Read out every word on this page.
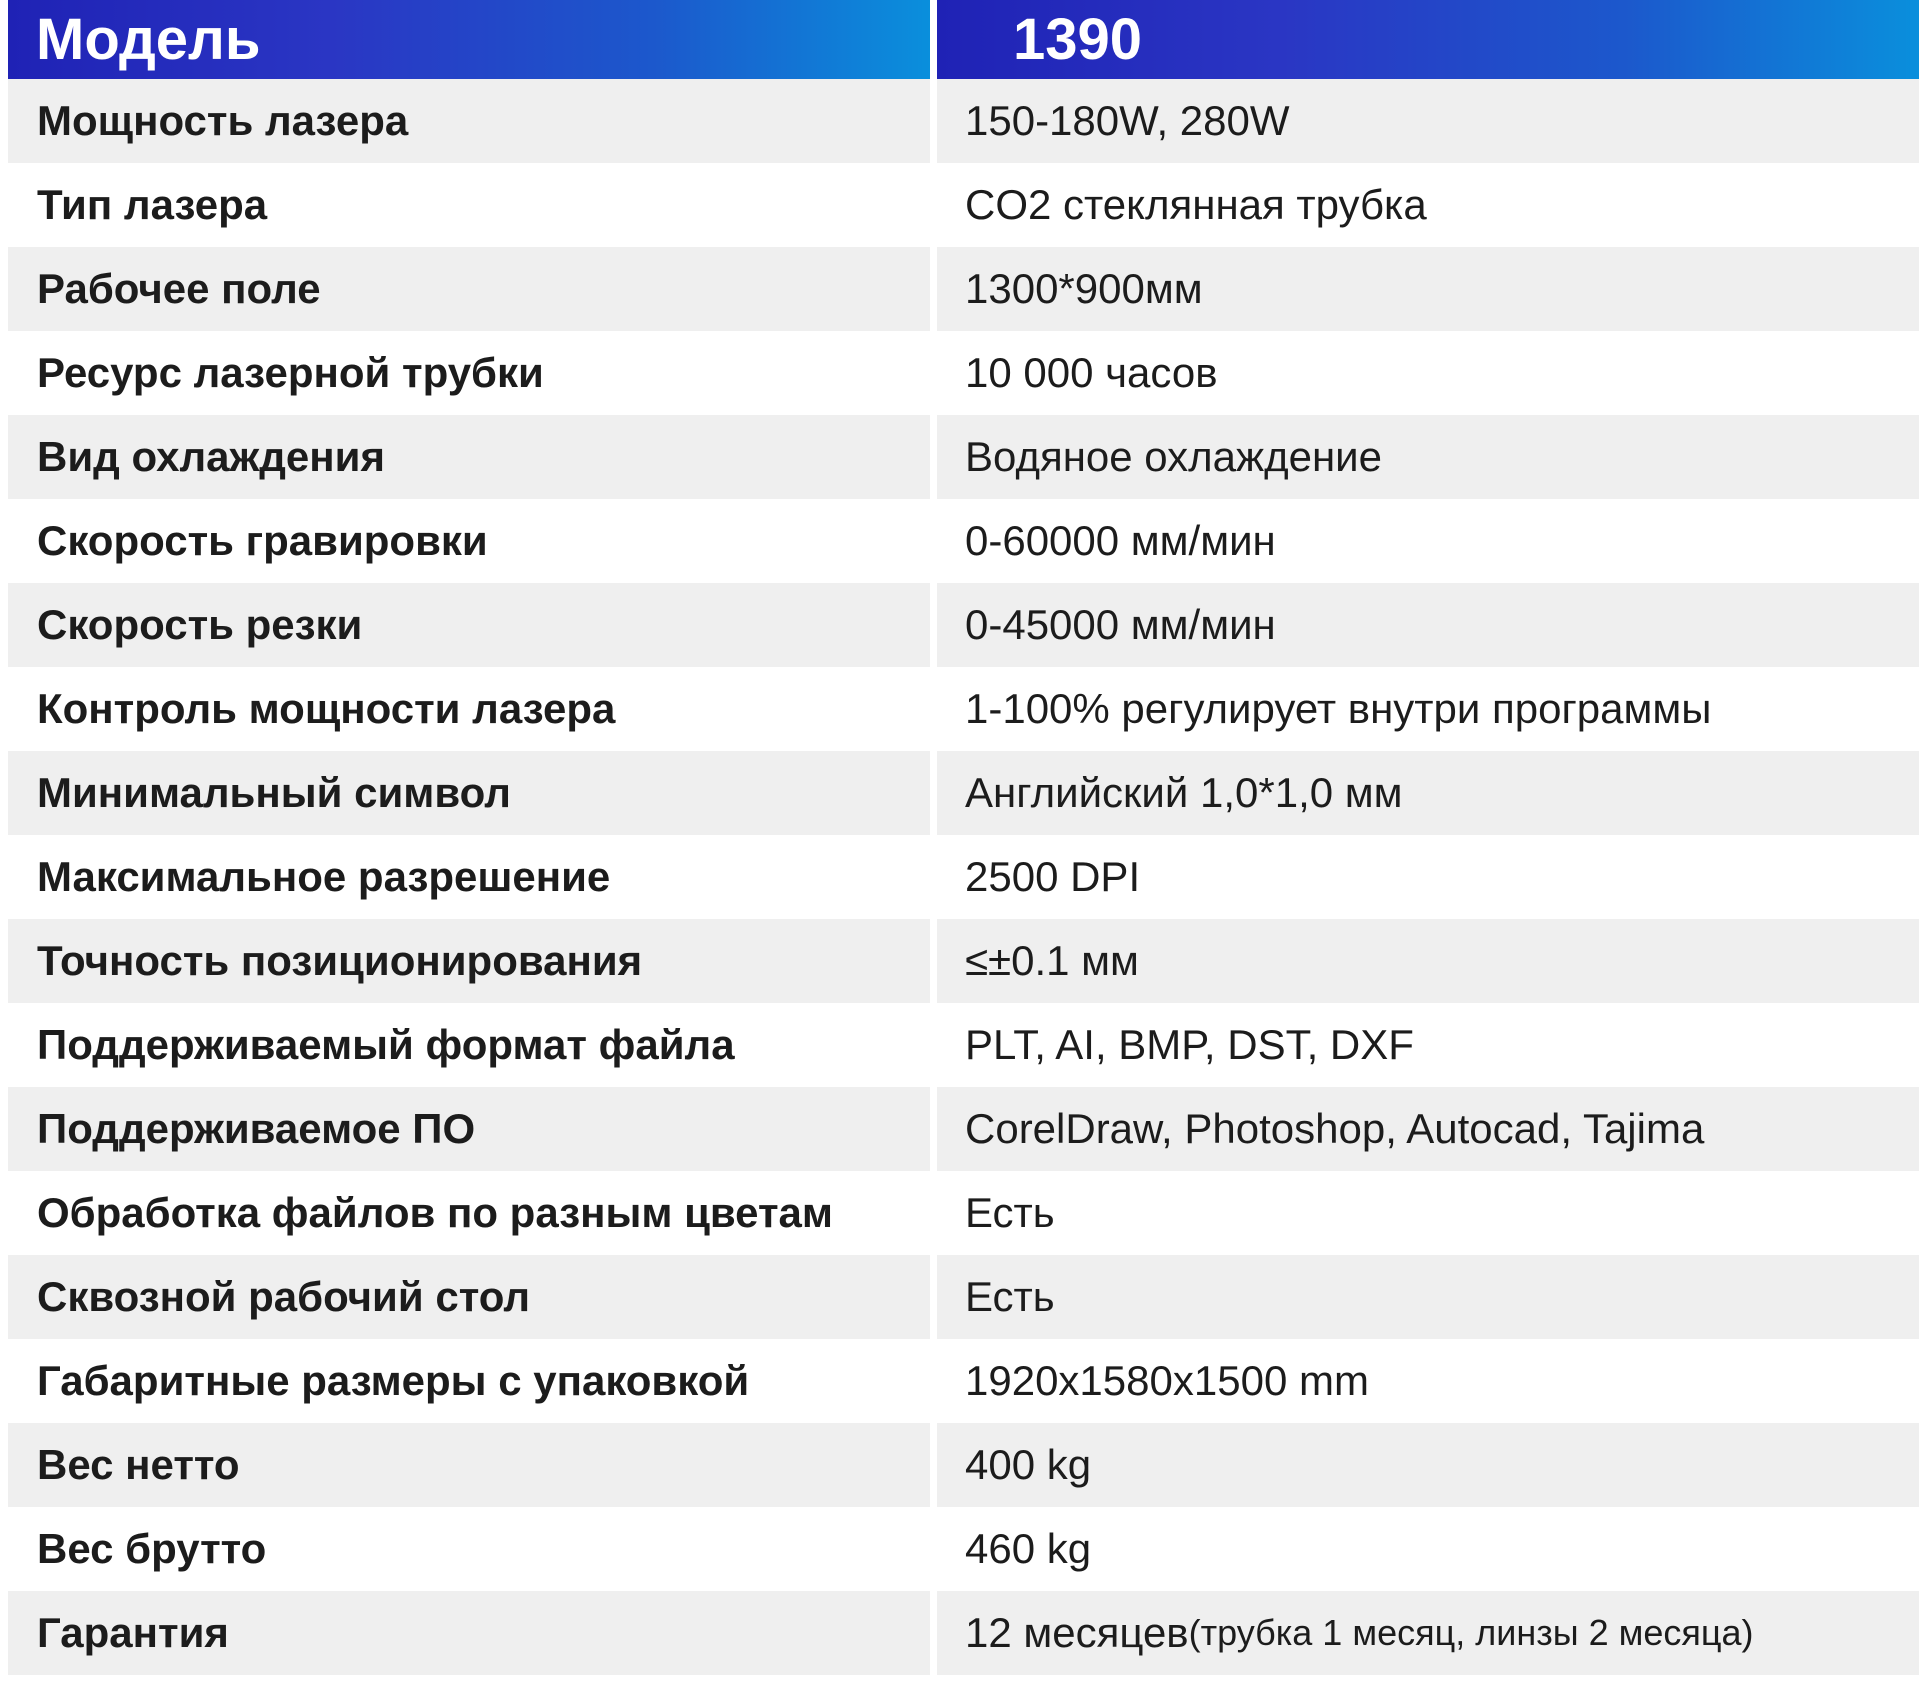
Модель	1390
Мощность лазера	150-180W, 280W
Тип лазера	CO2 стеклянная трубка
Рабочее поле	1300*900мм
Ресурс лазерной трубки	10 000 часов
Вид охлаждения	Водяное охлаждение
Скорость гравировки	0-60000 мм/мин
Скорость резки	0-45000 мм/мин
Контроль мощности лазера	1-100% регулирует внутри программы
Минимальный символ	Английский 1,0*1,0 мм
Максимальное разрешение	2500 DPI
Точность позиционирования	≤±0.1 мм
Поддерживаемый формат файла	PLT, AI, BMP, DST, DXF
Поддерживаемое ПО	CorelDraw, Photoshop, Autocad, Tajima
Обработка файлов по разным цветам	Есть
Сквозной рабочий стол	Есть
Габаритные размеры с упаковкой	1920x1580x1500 mm
Вес нетто	400 kg
Вес брутто	460 kg
Гарантия	12 месяцев (трубка 1 месяц, линзы 2 месяца)
